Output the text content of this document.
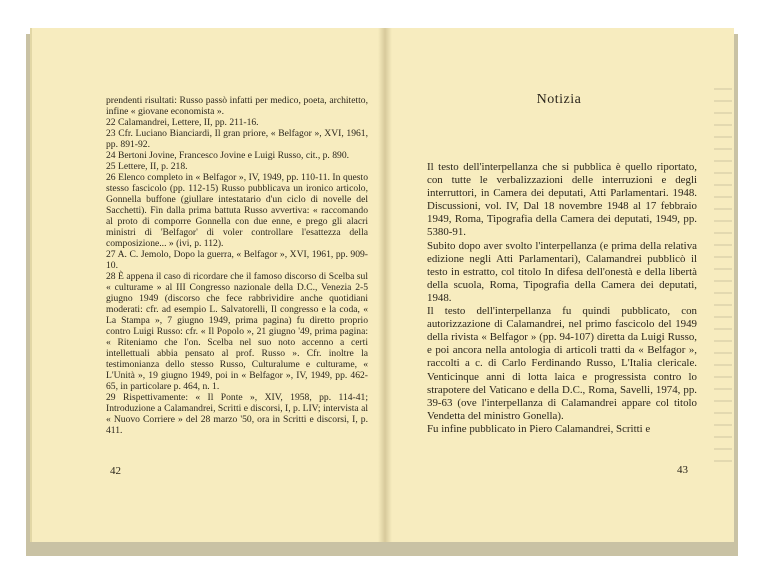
prendenti risultati: Russo passò infatti per medico, poeta, architetto, infine « giovane economista ».

22 Calamandrei, Lettere, II, pp. 211-16.

23 Cfr. Luciano Bianciardi, Il gran priore, « Belfagor », XVI, 1961, pp. 891-92.

24 Bertoni Jovine, Francesco Jovine e Luigi Russo, cit., p. 890.

25 Lettere, II, p. 218.

26 Elenco completo in « Belfagor », IV, 1949, pp. 110-11. In questo stesso fascicolo (pp. 112-15) Russo pubblicava un ironico articolo, Gonnella buffone (giullare intestatario d'un ciclo di novelle del Sacchetti). Fin dalla prima battuta Russo avvertiva: « raccomando al proto di comporre Gonnella con due enne, e prego gli alacri ministri di 'Belfagor' di voler controllare l'esattezza della composizione... » (ivi, p. 112).

27 A. C. Jemolo, Dopo la guerra, « Belfagor », XVI, 1961, pp. 909-10.

28 È appena il caso di ricordare che il famoso discorso di Scelba sul « culturame » al III Congresso nazionale della D.C., Venezia 2-5 giugno 1949 (discorso che fece rabbrividire anche quotidiani moderati: cfr. ad esempio L. Salvatorelli, Il congresso e la coda, « La Stampa », 7 giugno 1949, prima pagina) fu diretto proprio contro Luigi Russo: cfr. « Il Popolo », 21 giugno '49, prima pagina: « Riteniamo che l'on. Scelba nel suo noto accenno a certi intellettuali abbia pensato al prof. Russo ». Cfr. inoltre la testimonianza dello stesso Russo, Culturalume e culturame, « L'Unità », 19 giugno 1949, poi in « Belfagor », IV, 1949, pp. 462-65, in particolare p. 464, n. 1.

29 Rispettivamente: « Il Ponte », XIV, 1958, pp. 114-41; Introduzione a Calamandrei, Scritti e discorsi, I, p. LIV; intervista al « Nuovo Corriere » del 28 marzo '50, ora in Scritti e discorsi, I, p. 411.

42
Notizia

Il testo dell'interpellanza che si pubblica è quello riportato, con tutte le verbalizzazioni delle interruzioni e degli interruttori, in Camera dei deputati, Atti Parlamentari. 1948. Discussioni, vol. IV, Dal 18 novembre 1948 al 17 febbraio 1949, Roma, Tipografia della Camera dei deputati, 1949, pp. 5380-91.

Subito dopo aver svolto l'interpellanza (e prima della relativa edizione negli Atti Parlamentari), Calamandrei pubblicò il testo in estratto, col titolo In difesa dell'onestà e della libertà della scuola, Roma, Tipografia della Camera dei deputati, 1948.

Il testo dell'interpellanza fu quindi pubblicato, con autorizzazione di Calamandrei, nel primo fascicolo del 1949 della rivista « Belfagor » (pp. 94-107) diretta da Luigi Russo, e poi ancora nella antologia di articoli tratti da « Belfagor », raccolti a c. di Carlo Ferdinando Russo, L'Italia clericale. Venticinque anni di lotta laica e progressista contro lo strapotere del Vaticano e della D.C., Roma, Savelli, 1974, pp. 39-63 (ove l'interpellanza di Calamandrei appare col titolo Vendetta del ministro Gonella).

Fu infine pubblicato in Piero Calamandrei, Scritti e

43
